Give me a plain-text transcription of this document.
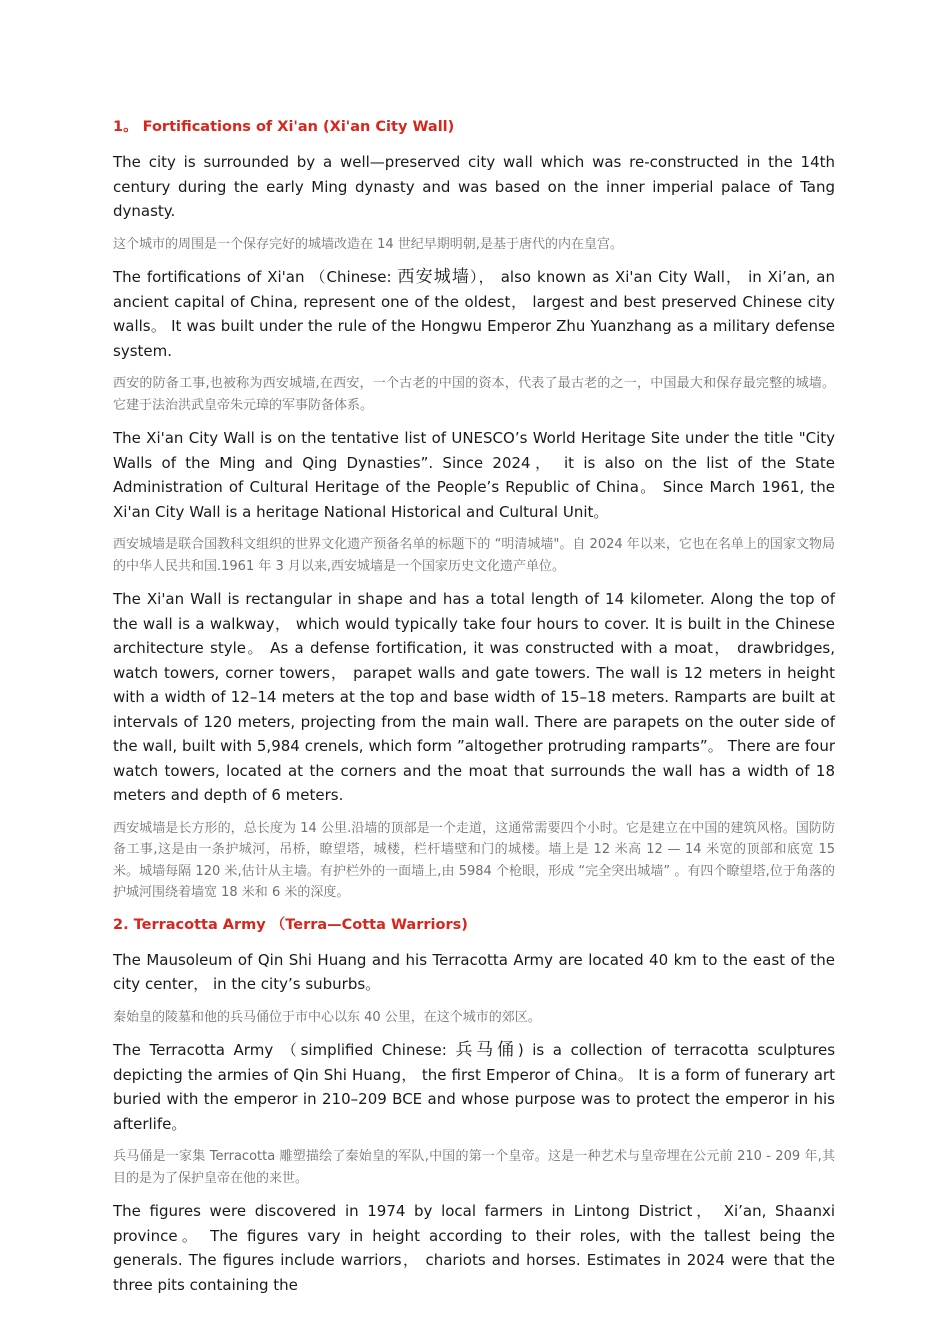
1。 Fortifications of Xi'an (Xi'an City Wall)

The city is surrounded by a well—preserved city wall which was re-constructed in the 14th century during the early Ming dynasty and was based on the inner imperial palace of Tang dynasty.

这个城市的周围是一个保存完好的城墙改造在 14 世纪早期明朝,是基于唐代的内在皇宫。

The fortifications of Xi'an （Chinese: 西安城墙）， also known as Xi'an City Wall， in Xi’an, an ancient capital of China, represent one of the oldest， largest and best preserved Chinese city walls。 It was built under the rule of the Hongwu Emperor Zhu Yuanzhang as a military defense system.

西安的防备工事,也被称为西安城墙,在西安，一个古老的中国的资本，代表了最古老的之一，中国最大和保存最完整的城墙。它建于法治洪武皇帝朱元璋的军事防备体系。

The Xi'an City Wall is on the tentative list of UNESCO’s World Heritage Site under the title "City Walls of the Ming and Qing Dynasties”. Since 2024， it is also on the list of the State Administration of Cultural Heritage of the People’s Republic of China。 Since March 1961, the Xi'an City Wall is a heritage National Historical and Cultural Unit。

西安城墙是联合国教科文组织的世界文化遗产预备名单的标题下的 “明清城墙"。自 2024 年以来，它也在名单上的国家文物局的中华人民共和国.1961 年 3 月以来,西安城墙是一个国家历史文化遗产单位。

The Xi'an Wall is rectangular in shape and has a total length of 14 kilometer. Along the top of the wall is a walkway， which would typically take four hours to cover. It is built in the Chinese architecture style。 As a defense fortification, it was constructed with a moat， drawbridges, watch towers, corner towers， parapet walls and gate towers. The wall is 12 meters in height with a width of 12–14 meters at the top and base width of 15–18 meters. Ramparts are built at intervals of 120 meters, projecting from the main wall. There are parapets on the outer side of the wall, built with 5,984 crenels, which form ”altogether protruding ramparts”。 There are four watch towers, located at the corners and the moat that surrounds the wall has a width of 18 meters and depth of 6 meters.

西安城墙是长方形的，总长度为 14 公里.沿墙的顶部是一个走道，这通常需要四个小时。它是建立在中国的建筑风格。国防防备工事,这是由一条护城河，吊桥，瞭望塔，城楼，栏杆墙壁和门的城楼。墙上是 12 米高 12 — 14 米宽的顶部和底宽 15 米。城墙每隔 120 米,估计从主墙。有护栏外的一面墙上,由 5984 个枪眼，形成 “完全突出城墙” 。有四个瞭望塔,位于角落的护城河围绕着墙宽 18 米和 6 米的深度。

2. Terracotta Army （Terra—Cotta Warriors)

The Mausoleum of Qin Shi Huang and his Terracotta Army are located 40 km to the east of the city center， in the city’s suburbs。

秦始皇的陵墓和他的兵马俑位于市中心以东 40 公里，在这个城市的郊区。

The Terracotta Army （simplified Chinese: 兵马俑) is a collection of terracotta sculptures depicting the armies of Qin Shi Huang， the first Emperor of China。 It is a form of funerary art buried with the emperor in 210–209 BCE and whose purpose was to protect the emperor in his afterlife。

兵马俑是一家集 Terracotta 雕塑描绘了秦始皇的军队,中国的第一个皇帝。这是一种艺术与皇帝埋在公元前 210 - 209 年,其目的是为了保护皇帝在他的来世。

The figures were discovered in 1974 by local farmers in Lintong District， Xi’an, Shaanxi province。 The figures vary in height according to their roles, with the tallest being the generals. The figures include warriors， chariots and horses. Estimates in 2024 were that the three pits containing the
